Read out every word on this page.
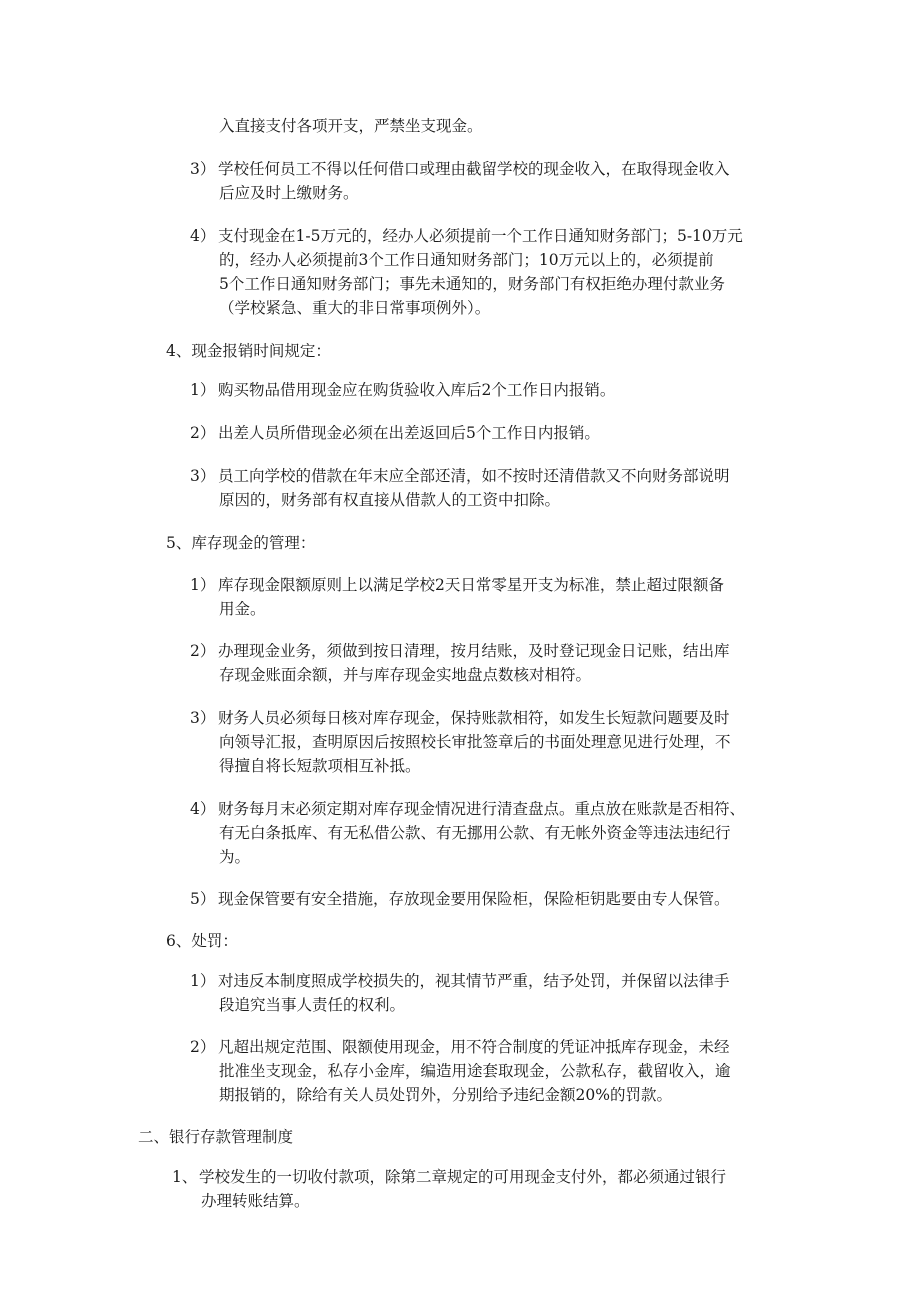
入直接支付各项开支，严禁坐支现金。
3） 学校任何员工不得以任何借口或理由截留学校的现金收入，在取得现金收入
后应及时上缴财务。
4） 支付现金在1-5万元的，经办人必须提前一个工作日通知财务部门；5-10万元
的，经办人必须提前3个工作日通知财务部门；10万元以上的，必须提前
5个工作日通知财务部门；事先未通知的，财务部门有权拒绝办理付款业务
（学校紧急、重大的非日常事项例外）。
4、现金报销时间规定：
1） 购买物品借用现金应在购货验收入库后2个工作日内报销。
2） 出差人员所借现金必须在出差返回后5个工作日内报销。
3） 员工向学校的借款在年末应全部还清，如不按时还清借款又不向财务部说明
原因的，财务部有权直接从借款人的工资中扣除。
5、库存现金的管理：
1） 库存现金限额原则上以满足学校2天日常零星开支为标准，禁止超过限额备
用金。
2） 办理现金业务，须做到按日清理，按月结账，及时登记现金日记账，结出库
存现金账面余额，并与库存现金实地盘点数核对相符。
3） 财务人员必须每日核对库存现金，保持账款相符，如发生长短款问题要及时
向领导汇报，查明原因后按照校长审批签章后的书面处理意见进行处理，不
得擅自将长短款项相互补抵。
4） 财务每月末必须定期对库存现金情况进行清查盘点。重点放在账款是否相符、
有无白条抵库、有无私借公款、有无挪用公款、有无帐外资金等违法违纪行
为。
5） 现金保管要有安全措施，存放现金要用保险柜，保险柜钥匙要由专人保管。
6、处罚：
1） 对违反本制度照成学校损失的，视其情节严重，结予处罚，并保留以法律手
段追究当事人责任的权利。
2） 凡超出规定范围、限额使用现金，用不符合制度的凭证冲抵库存现金，未经
批准坐支现金，私存小金库，编造用途套取现金，公款私存，截留收入，逾
期报销的，除给有关人员处罚外，分别给予违纪金额20%的罚款。
二、银行存款管理制度
1、 学校发生的一切收付款项，除第二章规定的可用现金支付外，都必须通过银行
办理转账结算。
